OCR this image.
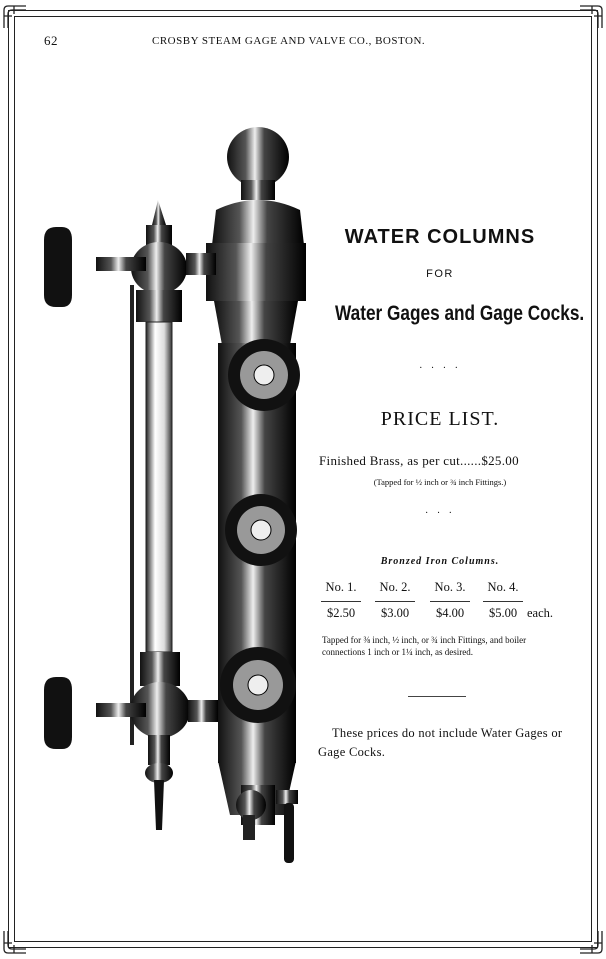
62	CROSBY STEAM GAGE AND VALVE CO., BOSTON.
WATER COLUMNS
FOR
Water Gages and Gage Cocks.
· · · ·
PRICE LIST.
Finished Brass, as per cut......$25.00
(Tapped for ½ inch or ¾ inch Fittings.)
· · ·
Bronzed Iron Columns.
No. 1.	No. 2.	No. 3.	No. 4.
$2.50	$3.00	$4.00	$5.00 each.
Tapped for ⅜ inch, ½ inch, or ¾ inch Fittings, and boiler connections 1 inch or 1¼ inch, as desired.
These prices do not include Water Gages or Gage Cocks.
